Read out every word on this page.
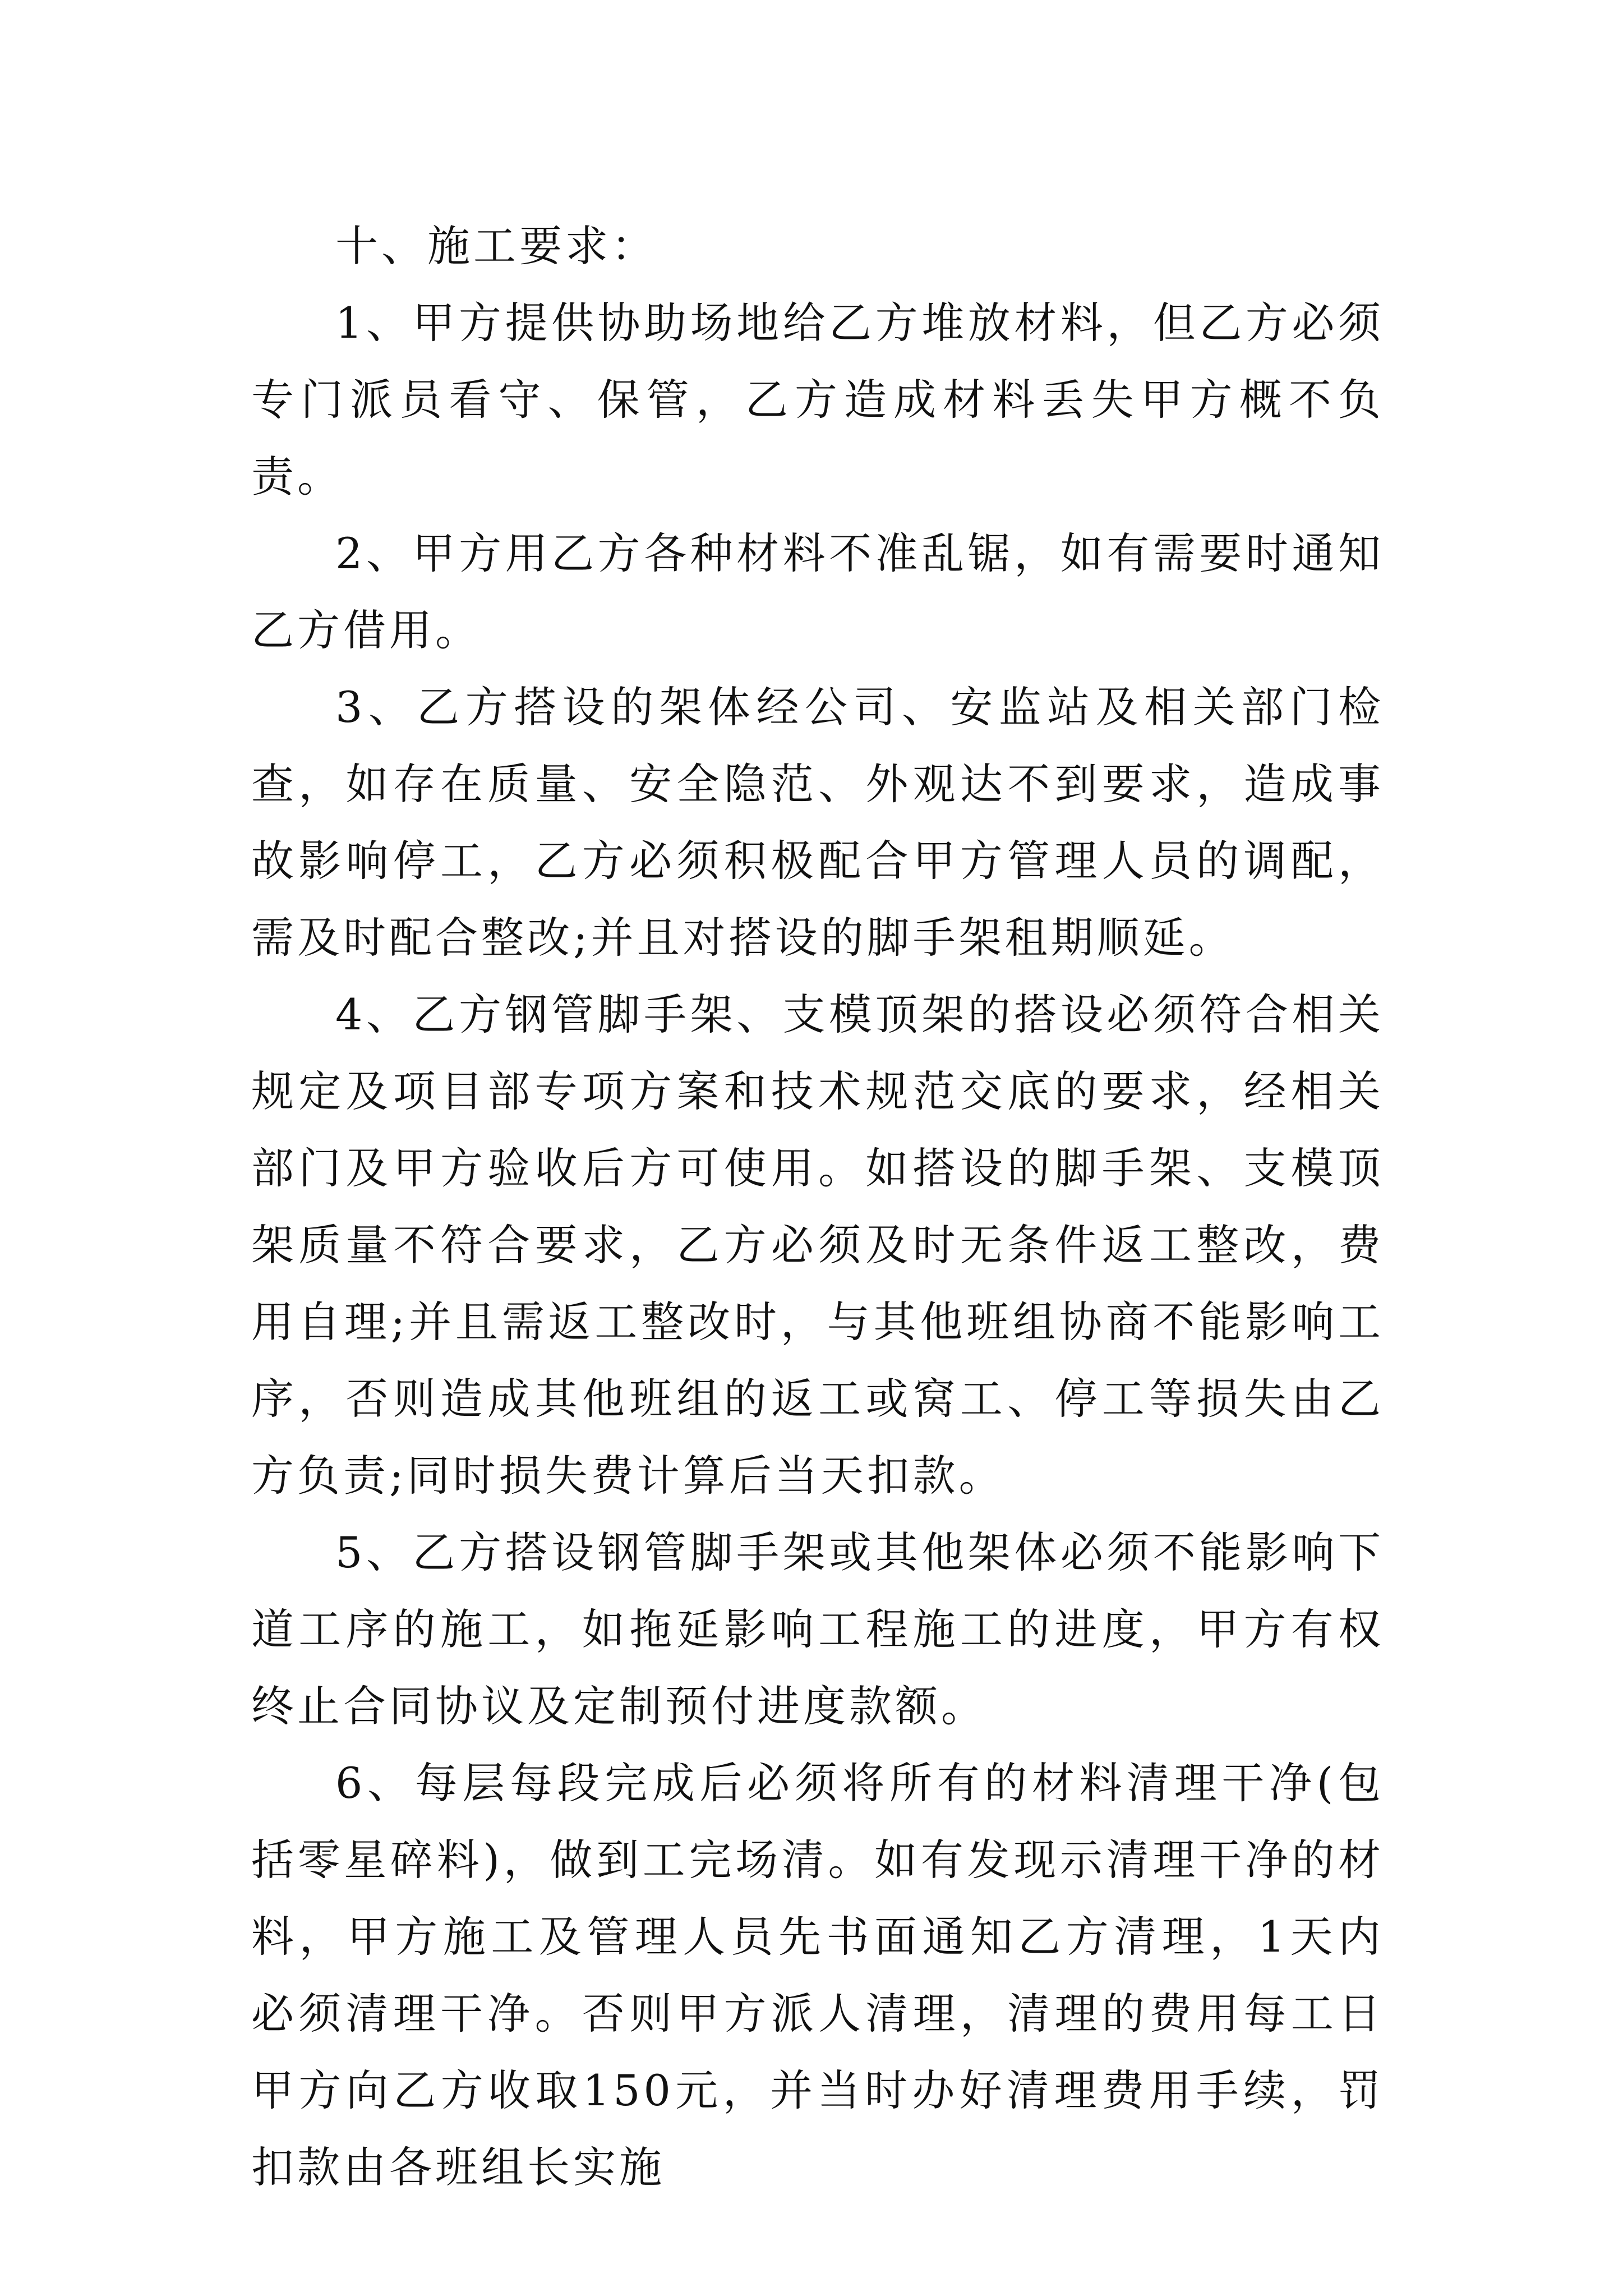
十、施工要求：

1、甲方提供协助场地给乙方堆放材料，但乙方必须专门派员看守、保管，乙方造成材料丢失甲方概不负责。

2、甲方用乙方各种材料不准乱锯，如有需要时通知乙方借用。

3、乙方搭设的架体经公司、安监站及相关部门检查，如存在质量、安全隐范、外观达不到要求，造成事故影响停工，乙方必须积极配合甲方管理人员的调配，需及时配合整改;并且对搭设的脚手架租期顺延。

4、乙方钢管脚手架、支模顶架的搭设必须符合相关规定及项目部专项方案和技术规范交底的要求，经相关部门及甲方验收后方可使用。如搭设的脚手架、支模顶架质量不符合要求，乙方必须及时无条件返工整改，费用自理;并且需返工整改时，与其他班组协商不能影响工序，否则造成其他班组的返工或窝工、停工等损失由乙方负责;同时损失费计算后当天扣款。

5、乙方搭设钢管脚手架或其他架体必须不能影响下道工序的施工，如拖延影响工程施工的进度，甲方有权终止合同协议及定制预付进度款额。

6、每层每段完成后必须将所有的材料清理干净(包括零星碎料)，做到工完场清。如有发现示清理干净的材料，甲方施工及管理人员先书面通知乙方清理，1天内必须清理干净。否则甲方派人清理，清理的费用每工日甲方向乙方收取150元，并当时办好清理费用手续，罚扣款由各班组长实施
